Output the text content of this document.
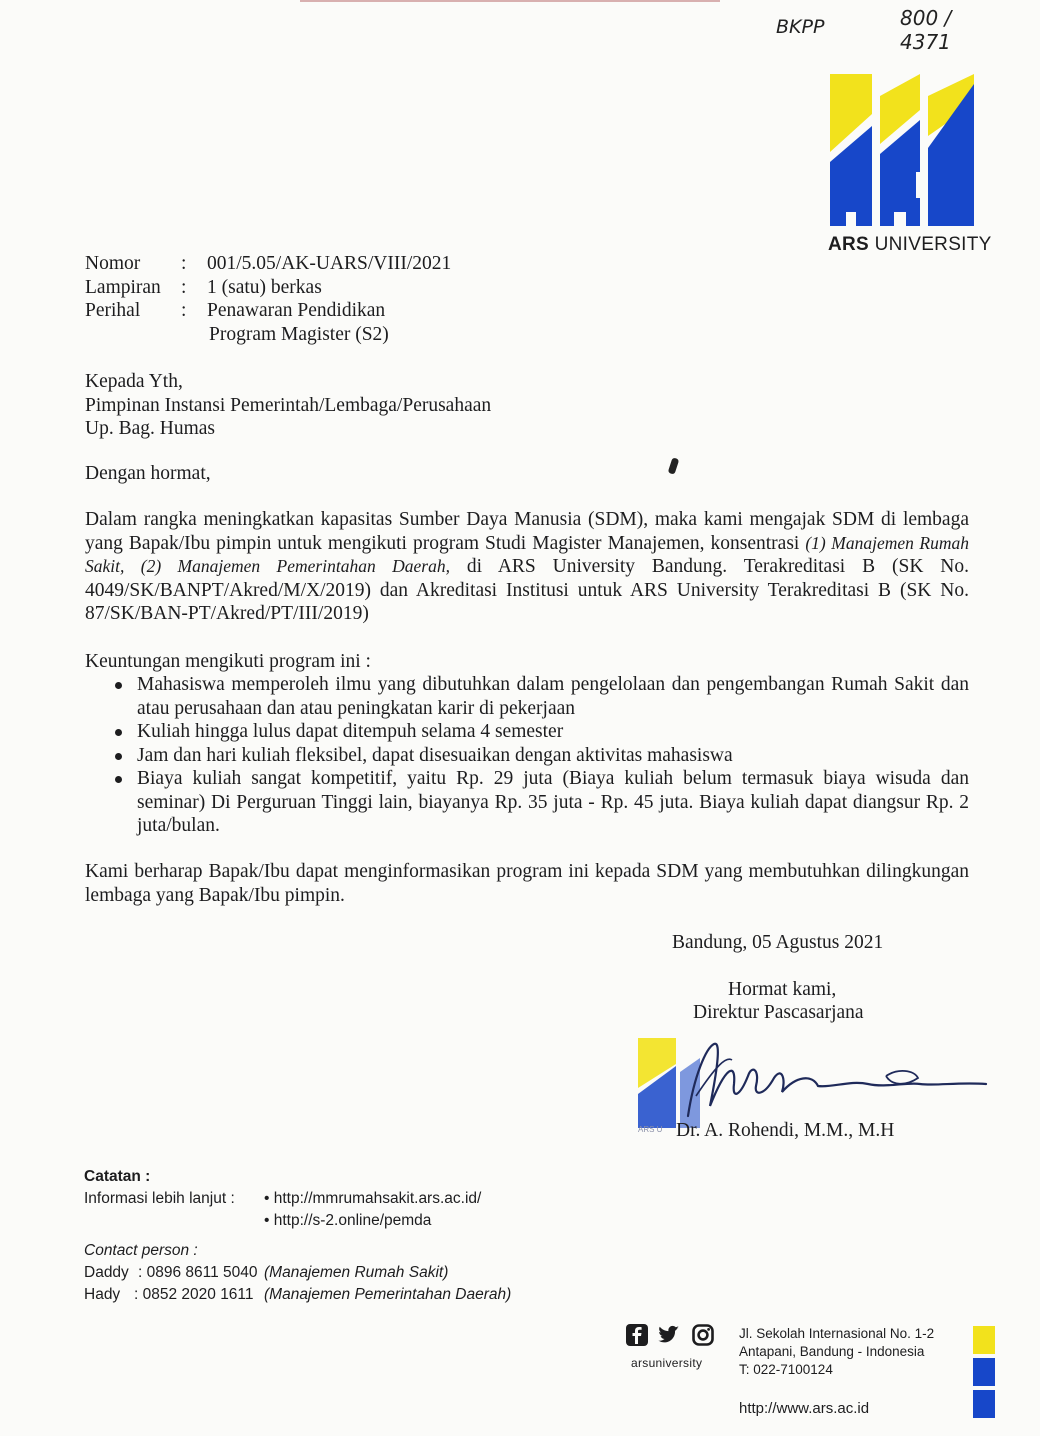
BKPP	800 / 4371
ARS UNIVERSITY
Nomor	: 001/5.05/AK-UARS/VIII/2021
Lampiran	: 1 (satu) berkas
Perihal	: Penawaran Pendidikan
Program Magister (S2)
Kepada Yth,
Pimpinan Instansi Pemerintah/Lembaga/Perusahaan
Up. Bag. Humas
Dengan hormat,
Dalam rangka meningkatkan kapasitas Sumber Daya Manusia (SDM), maka kami mengajak SDM di lembaga yang Bapak/Ibu pimpin untuk mengikuti program Studi Magister Manajemen, konsentrasi (1) Manajemen Rumah Sakit, (2) Manajemen Pemerintahan Daerah, di ARS University Bandung. Terakreditasi B (SK No. 4049/SK/BANPT/Akred/M/X/2019) dan Akreditasi Institusi untuk ARS University Terakreditasi B (SK No. 87/SK/BAN-PT/Akred/PT/III/2019)
Keuntungan mengikuti program ini :
Mahasiswa memperoleh ilmu yang dibutuhkan dalam pengelolaan dan pengembangan Rumah Sakit dan atau perusahaan dan atau peningkatan karir di pekerjaan
Kuliah hingga lulus dapat ditempuh selama 4 semester
Jam dan hari kuliah fleksibel, dapat disesuaikan dengan aktivitas mahasiswa
Biaya kuliah sangat kompetitif, yaitu Rp. 29 juta (Biaya kuliah belum termasuk biaya wisuda dan seminar) Di Perguruan Tinggi lain, biayanya Rp. 35 juta - Rp. 45 juta. Biaya kuliah dapat diangsur Rp. 2 juta/bulan.
Kami berharap Bapak/Ibu dapat menginformasikan program ini kepada SDM yang membutuhkan dilingkungan lembaga yang Bapak/Ibu pimpin.
Bandung, 05 Agustus 2021
Hormat kami,
Direktur Pascasarjana
ARS U Dr. A. Rohendi, M.M., M.H
Catatan :
Informasi lebih lanjut : • http://mmrumahsakit.ars.ac.id/
• http://s-2.online/pemda
Contact person :
Daddy : 0896 8611 5040 (Manajemen Rumah Sakit)
Hady : 0852 2020 1611 (Manajemen Pemerintahan Daerah)
arsuniversity
Jl. Sekolah Internasional No. 1-2
Antapani, Bandung - Indonesia
T: 022-7100124
http://www.ars.ac.id
